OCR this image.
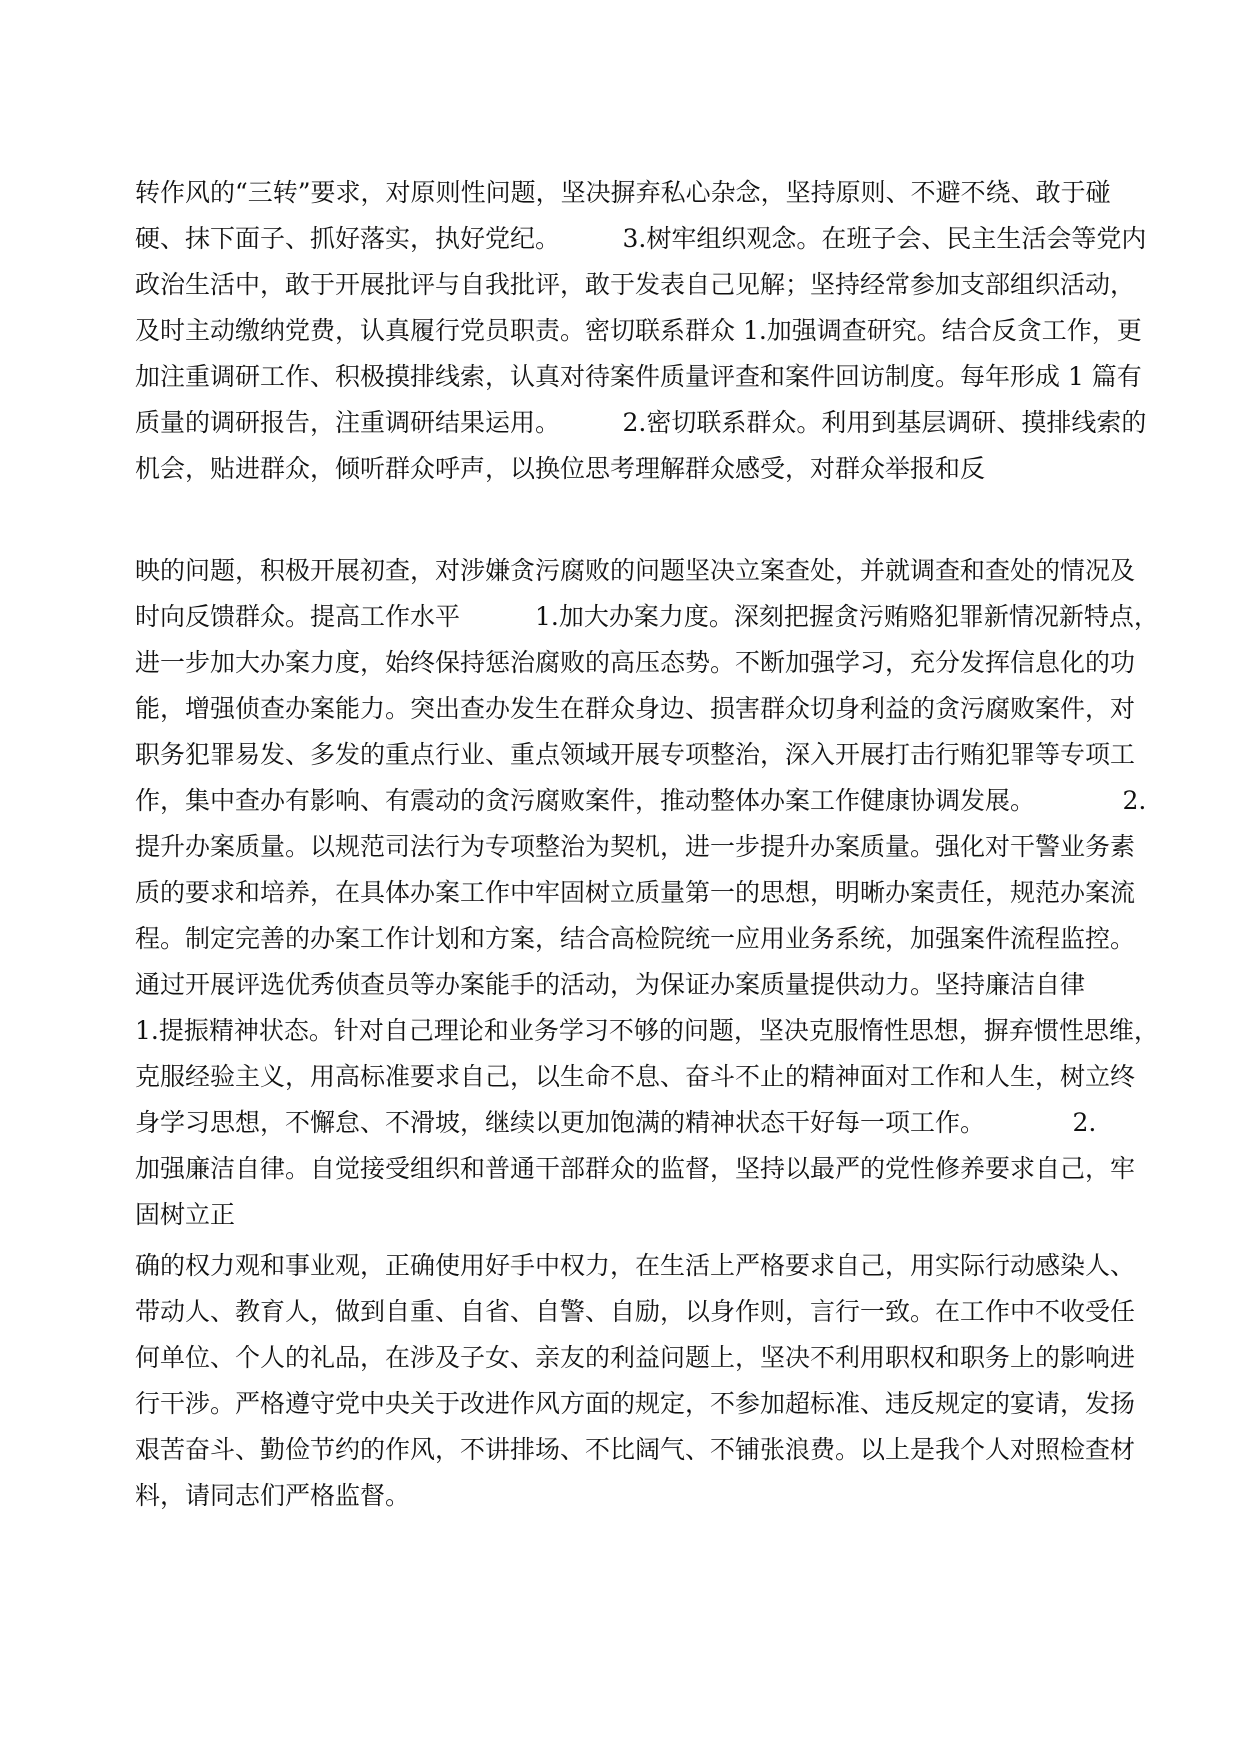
转作风的“三转”要求，对原则性问题，坚决摒弃私心杂念，坚持原则、不避不绕、敢于碰
硬、抹下面子、抓好落实，执好党纪。　　　3.树牢组织观念。在班子会、民主生活会等党内
政治生活中，敢于开展批评与自我批评，敢于发表自己见解；坚持经常参加支部组织活动，
及时主动缴纳党费，认真履行党员职责。密切联系群众 1.加强调查研究。结合反贪工作，更
加注重调研工作、积极摸排线索，认真对待案件质量评查和案件回访制度。每年形成 1 篇有
质量的调研报告，注重调研结果运用。　　　2.密切联系群众。利用到基层调研、摸排线索的
机会，贴进群众，倾听群众呼声，以换位思考理解群众感受，对群众举报和反
映的问题，积极开展初查，对涉嫌贪污腐败的问题坚决立案查处，并就调查和查处的情况及
时向反馈群众。提高工作水平　　　1.加大办案力度。深刻把握贪污贿赂犯罪新情况新特点，
进一步加大办案力度，始终保持惩治腐败的高压态势。不断加强学习，充分发挥信息化的功
能，增强侦查办案能力。突出查办发生在群众身边、损害群众切身利益的贪污腐败案件，对
职务犯罪易发、多发的重点行业、重点领域开展专项整治，深入开展打击行贿犯罪等专项工
作，集中查办有影响、有震动的贪污腐败案件，推动整体办案工作健康协调发展。　　　　2.
提升办案质量。以规范司法行为专项整治为契机，进一步提升办案质量。强化对干警业务素
质的要求和培养，在具体办案工作中牢固树立质量第一的思想，明晰办案责任，规范办案流
程。制定完善的办案工作计划和方案，结合高检院统一应用业务系统，加强案件流程监控。
通过开展评选优秀侦查员等办案能手的活动，为保证办案质量提供动力。坚持廉洁自律
1.提振精神状态。针对自己理论和业务学习不够的问题，坚决克服惰性思想，摒弃惯性思维，
克服经验主义，用高标准要求自己，以生命不息、奋斗不止的精神面对工作和人生，树立终
身学习思想，不懈怠、不滑坡，继续以更加饱满的精神状态干好每一项工作。　　　　2.
加强廉洁自律。自觉接受组织和普通干部群众的监督，坚持以最严的党性修养要求自己，牢
固树立正
确的权力观和事业观，正确使用好手中权力，在生活上严格要求自己，用实际行动感染人、
带动人、教育人，做到自重、自省、自警、自励，以身作则，言行一致。在工作中不收受任
何单位、个人的礼品，在涉及子女、亲友的利益问题上，坚决不利用职权和职务上的影响进
行干涉。严格遵守党中央关于改进作风方面的规定，不参加超标准、违反规定的宴请，发扬
艰苦奋斗、勤俭节约的作风，不讲排场、不比阔气、不铺张浪费。以上是我个人对照检查材
料，请同志们严格监督。
